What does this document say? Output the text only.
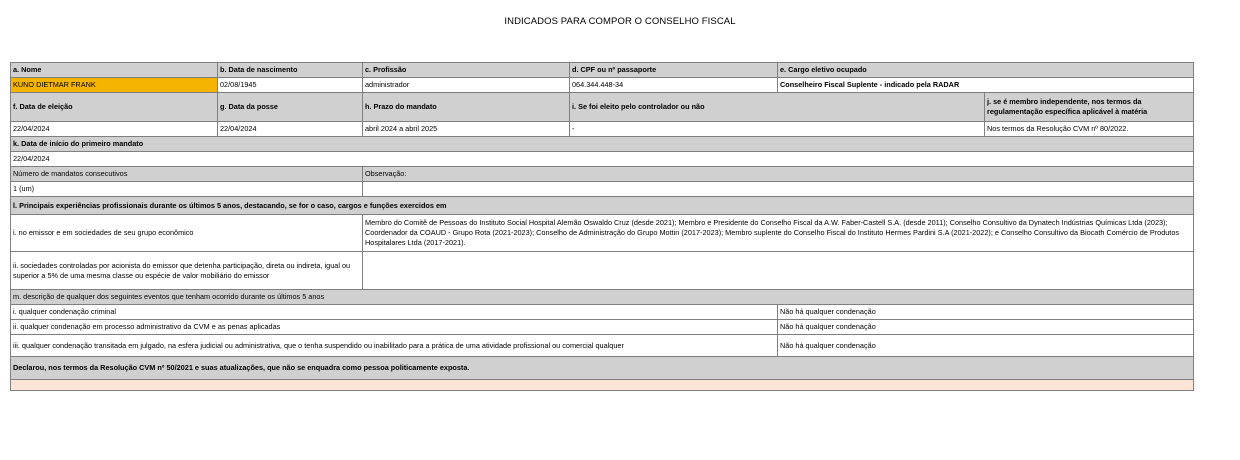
INDICADOS PARA COMPOR O CONSELHO FISCAL
a. Nome	b. Data de nascimento	c. Profissão	d. CPF ou nº passaporte	e. Cargo eletivo ocupado	
KUNO DIETMAR FRANK	02/08/1945	administrador	064.344.448-34	Conselheiro Fiscal Suplente - indicado pela RADAR	
f. Data de eleição	g. Data da posse	h. Prazo do mandato	i. Se foi eleito pelo controlador ou não		j. se é membro independente, nos termos da regulamentação específica aplicável à matéria
22/04/2024	22/04/2024	abril 2024 a abril 2025	-		Nos termos da Resolução CVM nº 80/2022.
k. Data de início do primeiro mandato					
22/04/2024					
Número de mandatos consecutivos		Observação:			
1 (um)					
l. Principais experiências profissionais durante os últimos 5 anos, destacando, se for o caso, cargos e funções exercidos em					
i. no emissor e em sociedades de seu grupo econômico		Membro do Comitê de Pessoas do Instituto Social Hospital Alemão Oswaldo Cruz (desde 2021); Membro e Presidente do Conselho Fiscal da A.W. Faber-Castell S.A. (desde 2011); Conselho Consultivo da Dynatech Indústrias Químicas Ltda (2023); Coordenador da COAUD - Grupo Rota (2021-2023); Conselho de Administração do Grupo Mottin (2017-2023); Membro suplente do Conselho Fiscal do Instituto Hermes Pardini S.A (2021-2022); e Conselho Consultivo da Biocath Comércio de Produtos Hospitalares Ltda (2017-2021).			
ii. sociedades controladas por acionista do emissor que detenha participação, direta ou indireta, igual ou superior a 5% de uma mesma classe ou espécie de valor mobiliário do emissor					
m. descrição de qualquer dos seguintes eventos que tenham ocorrido durante os últimos 5 anos					
i. qualquer condenação criminal				Não há qualquer condenação	
ii. qualquer condenação em processo administrativo da CVM e as penas aplicadas				Não há qualquer condenação	
iii. qualquer condenação transitada em julgado, na esfera judicial ou administrativa, que o tenha suspendido ou inabilitado para a prática de uma atividade profissional ou comercial qualquer				Não há qualquer condenação	
Declarou, nos termos da Resolução CVM nº 50/2021 e suas atualizações, que não se enquadra como pessoa politicamente exposta.					
